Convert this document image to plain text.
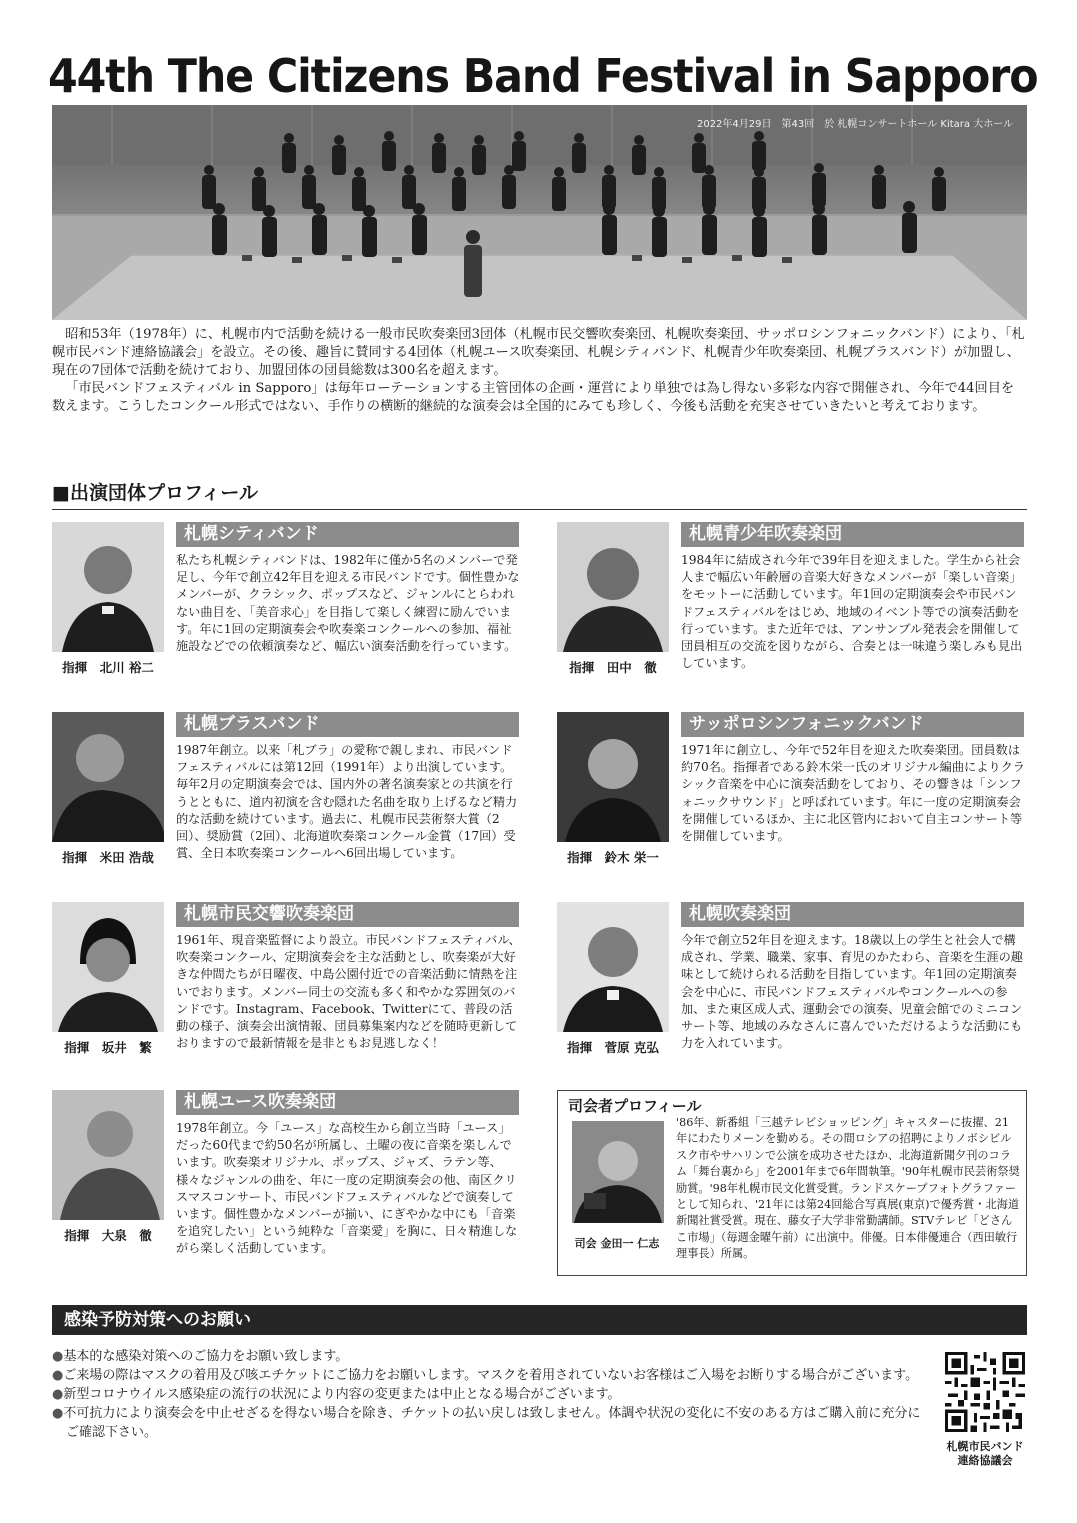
44th The Citizens Band Festival in Sapporo
2022年4月29日　第43回　於 札幌コンサートホール Kitara 大ホール

昭和53年（1978年）に、札幌市内で活動を続ける一般市民吹奏楽団3団体（札幌市民交響吹奏楽団、札幌吹奏楽団、サッポロシンフォニックバンド）により、「札幌市民バンド連絡協議会」を設立。その後、趣旨に賛同する4団体（札幌ユース吹奏楽団、札幌シティバンド、札幌青少年吹奏楽団、札幌ブラスバンド）が加盟し、現在の7団体で活動を続けており、加盟団体の団員総数は300名を超えます。

「市民バンドフェスティバル in Sapporo」は毎年ローテーションする主管団体の企画・運営により単独では為し得ない多彩な内容で開催され、今年で44回目を数えます。こうしたコンクール形式ではない、手作りの横断的継続的な演奏会は全国的にみても珍しく、今後も活動を充実させていきたいと考えております。

■出演団体プロフィール
指揮　北川 裕二
札幌シティバンド
私たち札幌シティバンドは、1982年に僅か5名のメンバーで発足し、今年で創立42年目を迎える市民バンドです。個性豊かなメンバーが、クラシック、ポップスなど、ジャンルにとらわれない曲目を、「美音求心」を目指して楽しく練習に励んでいます。年に1回の定期演奏会や吹奏楽コンクールへの参加、福祉施設などでの依頼演奏など、幅広い演奏活動を行っています。
指揮　田中　徹
札幌青少年吹奏楽団
1984年に結成され今年で39年目を迎えました。学生から社会人まで幅広い年齢層の音楽大好きなメンバーが「楽しい音楽」をモットーに活動しています。年1回の定期演奏会や市民バンドフェスティバルをはじめ、地域のイベント等での演奏活動を行っています。また近年では、アンサンブル発表会を開催して団員相互の交流を図りながら、合奏とは一味違う楽しみも見出しています。
指揮　米田 浩哉
札幌ブラスバンド
1987年創立。以来「札ブラ」の愛称で親しまれ、市民バンドフェスティバルには第12回（1991年）より出演しています。毎年2月の定期演奏会では、国内外の著名演奏家との共演を行うとともに、道内初演を含む隠れた名曲を取り上げるなど精力的な活動を続けています。過去に、札幌市民芸術祭大賞（2回）、奨励賞（2回）、北海道吹奏楽コンクール金賞（17回）受賞、全日本吹奏楽コンクールへ6回出場しています。	指揮　鈴木 栄一
サッポロシンフォニックバンド
1971年に創立し、今年で52年目を迎えた吹奏楽団。団員数は約70名。指揮者である鈴木栄一氏のオリジナル編曲によりクラシック音楽を中心に演奏活動をしており、その響きは「シンフォニックサウンド」と呼ばれています。年に一度の定期演奏会を開催しているほか、主に北区管内において自主コンサート等を開催しています。
指揮　坂井　繁
札幌市民交響吹奏楽団
1961年、現音楽監督により設立。市民バンドフェスティバル、吹奏楽コンクール、定期演奏会を主な活動とし、吹奏楽が大好きな仲間たちが日曜夜、中島公園付近での音楽活動に情熱を注いでおります。メンバー同士の交流も多く和やかな雰囲気のバンドです。Instagram、Facebook、Twitterにて、普段の活動の様子、演奏会出演情報、団員募集案内などを随時更新しておりますので最新情報を是非ともお見逃しなく！	指揮　菅原 克弘
札幌吹奏楽団
今年で創立52年目を迎えます。18歳以上の学生と社会人で構成され、学業、職業、家事、育児のかたわら、音楽を生涯の趣味として続けられる活動を目指しています。年1回の定期演奏会を中心に、市民バンドフェスティバルやコンクールへの参加、また東区成人式、運動会での演奏、児童会館でのミニコンサート等、地域のみなさんに喜んでいただけるような活動にも力を入れています。
指揮　大泉　徹
札幌ユース吹奏楽団
1978年創立。今「ユース」な高校生から創立当時「ユース」だった60代まで約50名が所属し、土曜の夜に音楽を楽しんでいます。吹奏楽オリジナル、ポップス、ジャズ、ラテン等、様々なジャンルの曲を、年に一度の定期演奏会の他、南区クリスマスコンサート、市民バンドフェスティバルなどで演奏しています。個性豊かなメンバーが揃い、にぎやかな中にも「音楽を追究したい」という純粋な「音楽愛」を胸に、日々精進しながら楽しく活動しています。
司会者プロフィール
司会 金田一 仁志
'86年、新番組「三越テレビショッピング」キャスターに抜擢、21年にわたりメーンを勤める。その間ロシアの招聘によりノボシビルスク市やサハリンで公演を成功させたほか、北海道新聞夕刊のコラム「舞台裏から」を2001年まで6年間執筆。'90年札幌市民芸術祭奨励賞。'98年札幌市民文化賞受賞。ランドスケープフォトグラファーとして知られ、'21年には第24回総合写真展(東京)で優秀賞・北海道新聞社賞受賞。現在、藤女子大学非常勤講師。STVテレビ「どさんこ市場」（毎週金曜午前）に出演中。俳優。日本俳優連合（西田敏行理事長）所属。
感染予防対策へのお願い
●基本的な感染対策へのご協力をお願い致します。
●ご来場の際はマスクの着用及び咳エチケットにご協力をお願いします。マスクを着用されていないお客様はご入場をお断りする場合がございます。
●新型コロナウイルス感染症の流行の状況により内容の変更または中止となる場合がございます。
●不可抗力により演奏会を中止せざるを得ない場合を除き、チケットの払い戻しは致しません。体調や状況の変化に不安のある方はご購入前に充分にご確認下さい。
札幌市民バンド
連絡協議会
